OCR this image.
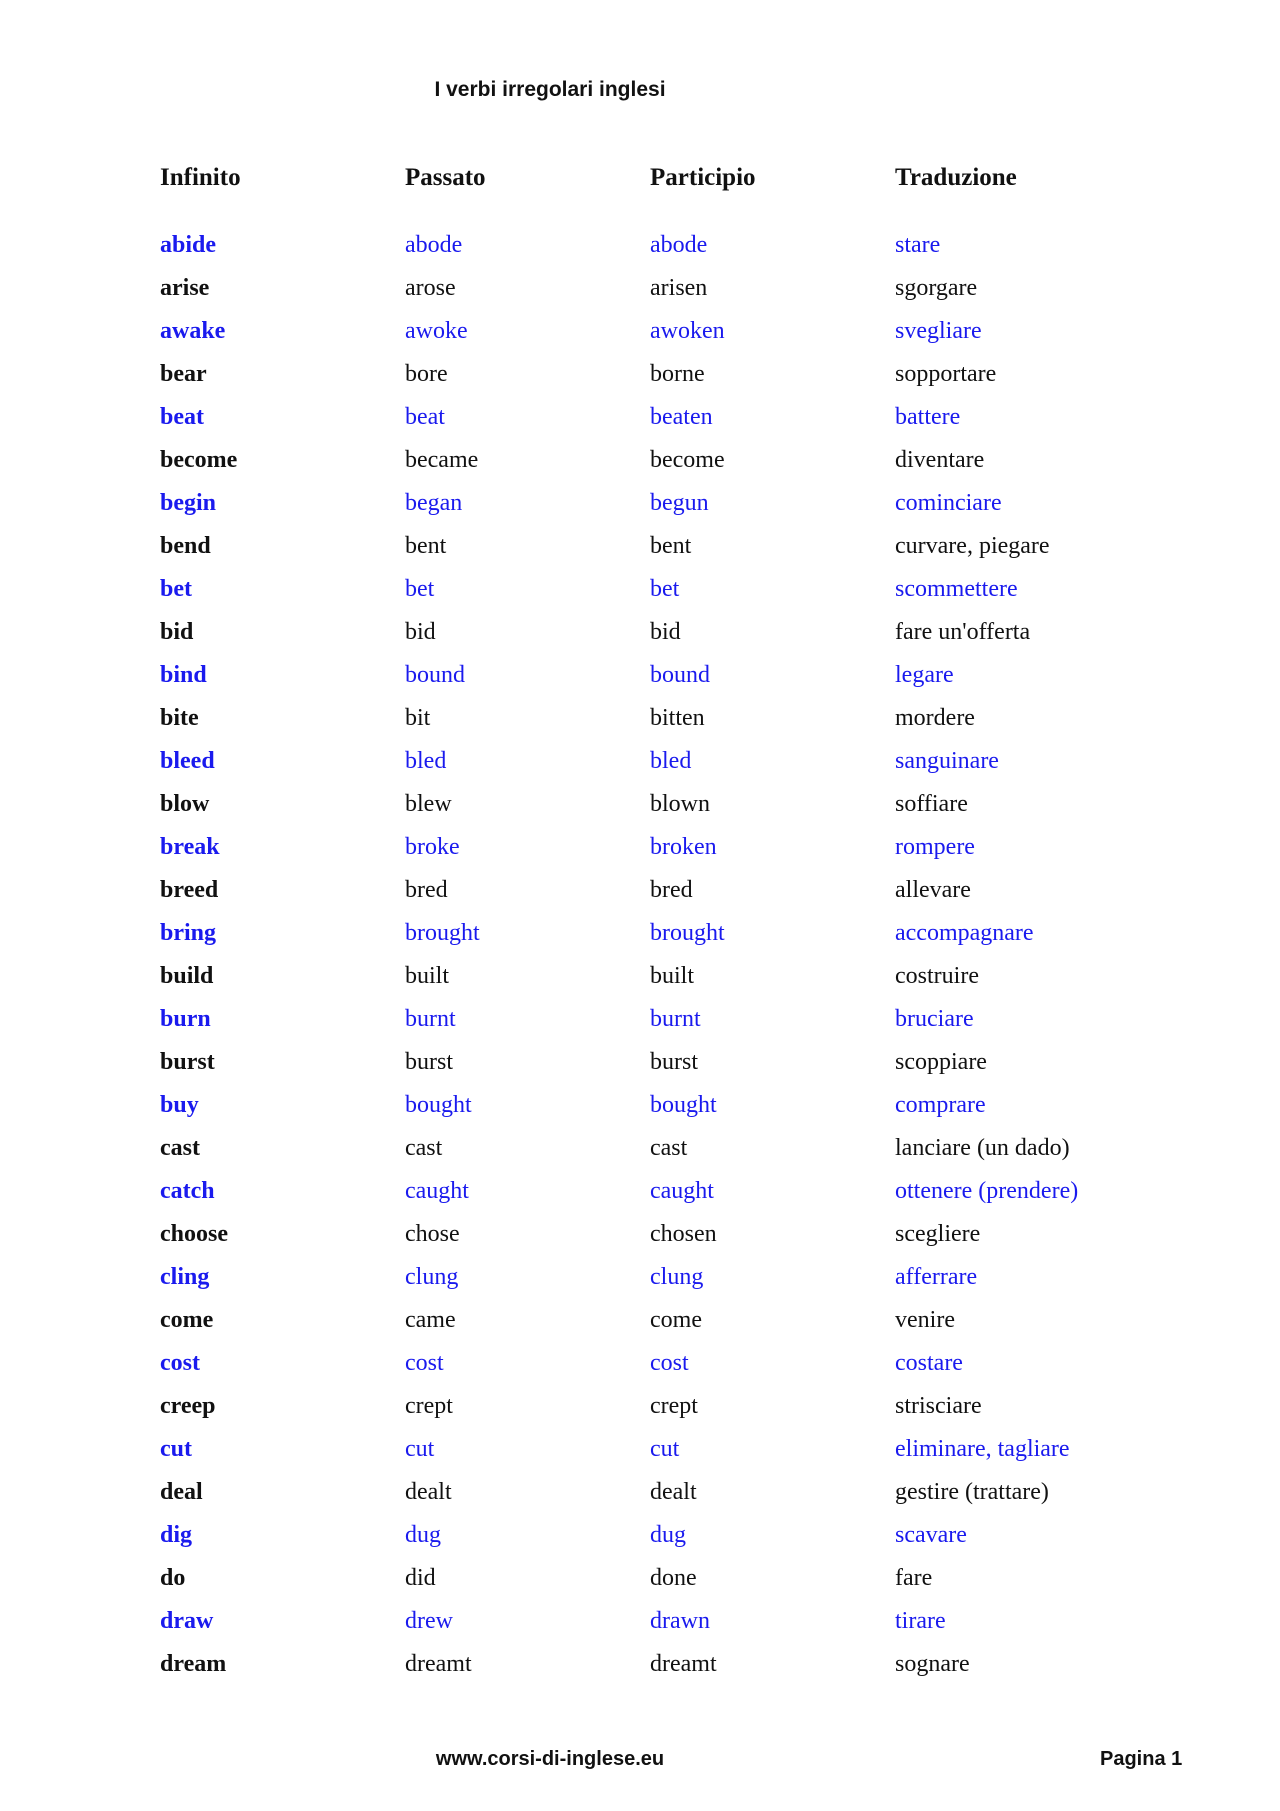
I verbi irregolari inglesi
Infinito	Passato	Participio	Traduzione
abide	abode	abode	stare
arise	arose	arisen	sgorgare
awake	awoke	awoken	svegliare
bear	bore	borne	sopportare
beat	beat	beaten	battere
become	became	become	diventare
begin	began	begun	cominciare
bend	bent	bent	curvare, piegare
bet	bet	bet	scommettere
bid	bid	bid	fare un'offerta
bind	bound	bound	legare
bite	bit	bitten	mordere
bleed	bled	bled	sanguinare
blow	blew	blown	soffiare
break	broke	broken	rompere
breed	bred	bred	allevare
bring	brought	brought	accompagnare
build	built	built	costruire
burn	burnt	burnt	bruciare
burst	burst	burst	scoppiare
buy	bought	bought	comprare
cast	cast	cast	lanciare (un dado)
catch	caught	caught	ottenere (prendere)
choose	chose	chosen	scegliere
cling	clung	clung	afferrare
come	came	come	venire
cost	cost	cost	costare
creep	crept	crept	strisciare
cut	cut	cut	eliminare, tagliare
deal	dealt	dealt	gestire (trattare)
dig	dug	dug	scavare
do	did	done	fare
draw	drew	drawn	tirare
dream	dreamt	dreamt	sognare
www.corsi-di-inglese.eu	Pagina 1
